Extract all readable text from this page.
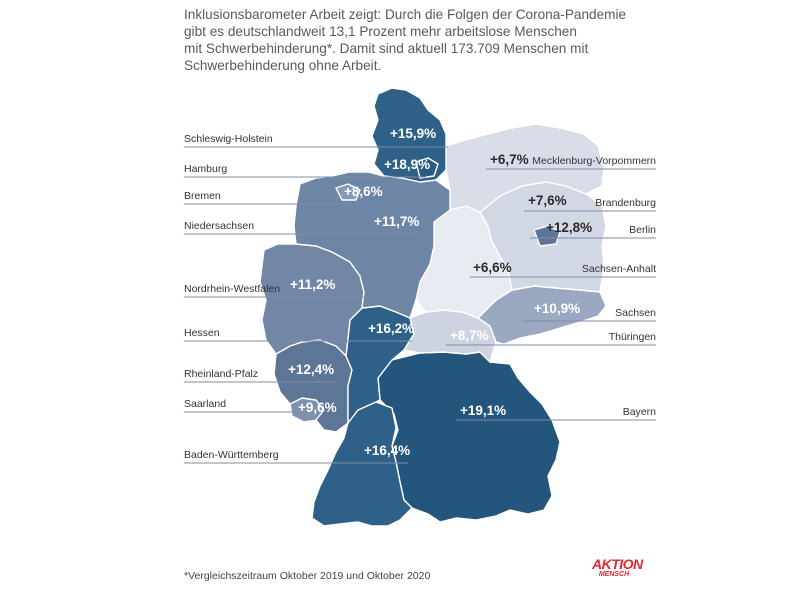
Inklusionsbarometer Arbeit zeigt: Durch die Folgen der Corona-Pandemie
gibt es deutschlandweit 13,1 Prozent mehr arbeitslose Menschen
mit Schwerbehinderung*. Damit sind aktuell 173.709 Menschen mit
Schwerbehinderung ohne Arbeit.

Schleswig-Holstein
Hamburg
Bremen
Niedersachsen
Nordrhein-Westfalen
Hessen
Rheinland-Pfalz
Saarland
Baden-Württemberg
Mecklenburg-Vorpommern
Brandenburg
Berlin
Sachsen-Anhalt
Sachsen
Thüringen
Bayern
+15,9%
+18,9%
+8,6%
+11,7%
+11,2%
+16,2%
+12,4%
+9,6%
+16,4%
+6,7%
+7,6%
+12,8%
+6,6%
+10,9%
+8,7%
+19,1%
*Vergleichszeitraum Oktober 2019 und Oktober 2020
AKTION
MENSCH
